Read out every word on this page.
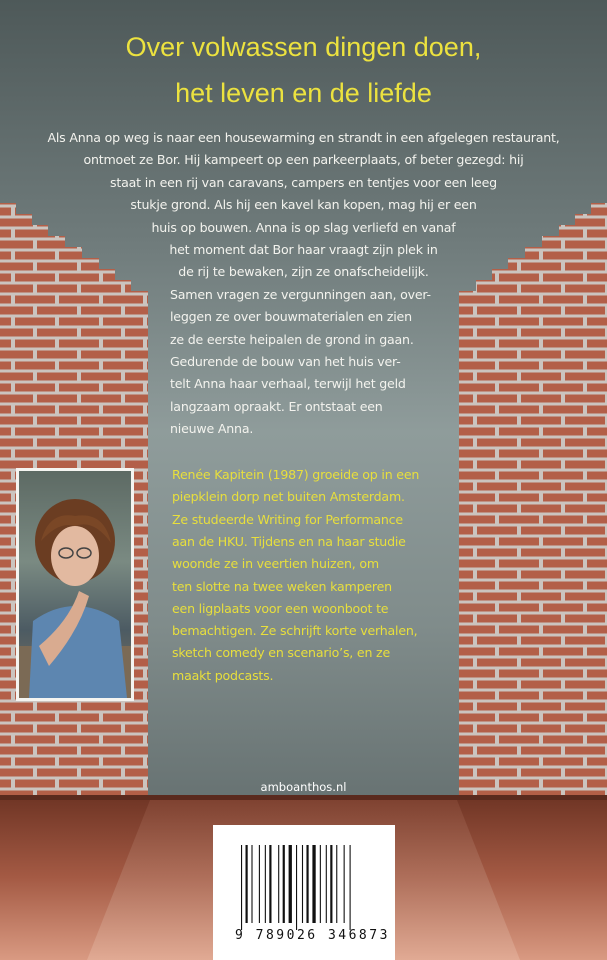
Over volwassen dingen doen,
het leven en de liefde
Als Anna op weg is naar een housewarming en strandt in een afgelegen restaurant,
ontmoet ze Bor. Hij kampeert op een parkeerplaats, of beter gezegd: hij
staat in een rij van caravans, campers en tentjes voor een leeg
stukje grond. Als hij een kavel kan kopen, mag hij er een
huis op bouwen. Anna is op slag verliefd en vanaf
het moment dat Bor haar vraagt zijn plek in
de rij te bewaken, zijn ze onafscheidelijk.
Samen vragen ze vergunningen aan, over-
leggen ze over bouwmaterialen en zien
ze de eerste heipalen de grond in gaan.
Gedurende de bouw van het huis ver-
telt Anna haar verhaal, terwijl het geld
langzaam opraakt. Er ontstaat een
nieuwe Anna.
Renée Kapitein (1987) groeide op in een
piepklein dorp net buiten Amsterdam.
Ze studeerde Writing for Performance
aan de HKU. Tijdens en na haar studie
woonde ze in veertien huizen, om
ten slotte na twee weken kamperen
een ligplaats voor een woonboot te
bemachtigen. Ze schrijft korte verhalen,
sketch comedy en scenario’s, en ze
maakt podcasts.
amboanthos.nl
9 789026 346873
